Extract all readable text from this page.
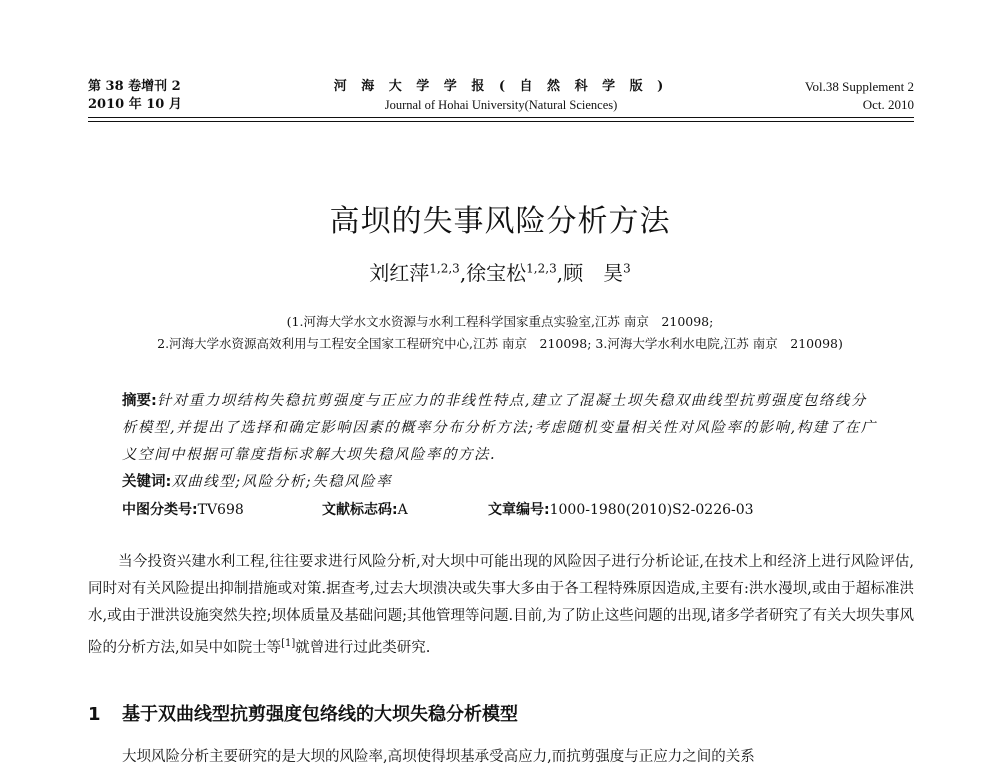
第 38 卷增刊 2
2010 年 10 月
河 海 大 学 学 报 ( 自 然 科 学 版 )
Journal of Hohai University(Natural Sciences)
Vol.38 Supplement 2
Oct. 2010
高坝的失事风险分析方法
刘红萍$^{1,2,3}$,徐宝松$^{1,2,3}$,顾　昊$^3$
(1.河海大学水文水资源与水利工程科学国家重点实验室,江苏 南京　210098;
2.河海大学水资源高效利用与工程安全国家工程研究中心,江苏 南京　210098; 3.河海大学水利水电院,江苏 南京　210098)
摘要:针对重力坝结构失稳抗剪强度与正应力的非线性特点,建立了混凝土坝失稳双曲线型抗剪强度包络线分析模型,并提出了选择和确定影响因素的概率分布分析方法;考虑随机变量相关性对风险率的影响,构建了在广义空间中根据可靠度指标求解大坝失稳风险率的方法.
关键词:双曲线型;风险分析;失稳风险率
中图分类号:TV698	文献标志码:A	文章编号:1000-1980(2010)S2-0226-03
当今投资兴建水利工程,往往要求进行风险分析,对大坝中可能出现的风险因子进行分析论证,在技术上和经济上进行风险评估,同时对有关风险提出抑制措施或对策.据查考,过去大坝溃决或失事大多由于各工程特殊原因造成,主要有:洪水漫坝,或由于超标准洪水,或由于泄洪设施突然失控;坝体质量及基础问题;其他管理等问题.目前,为了防止这些问题的出现,诸多学者研究了有关大坝失事风险的分析方法,如吴中如院士等[1]就曾进行过此类研究.
1 基于双曲线型抗剪强度包络线的大坝失稳分析模型
大坝风险分析主要研究的是大坝的风险率,高坝使得坝基承受高应力,而抗剪强度与正应力之间的关系
